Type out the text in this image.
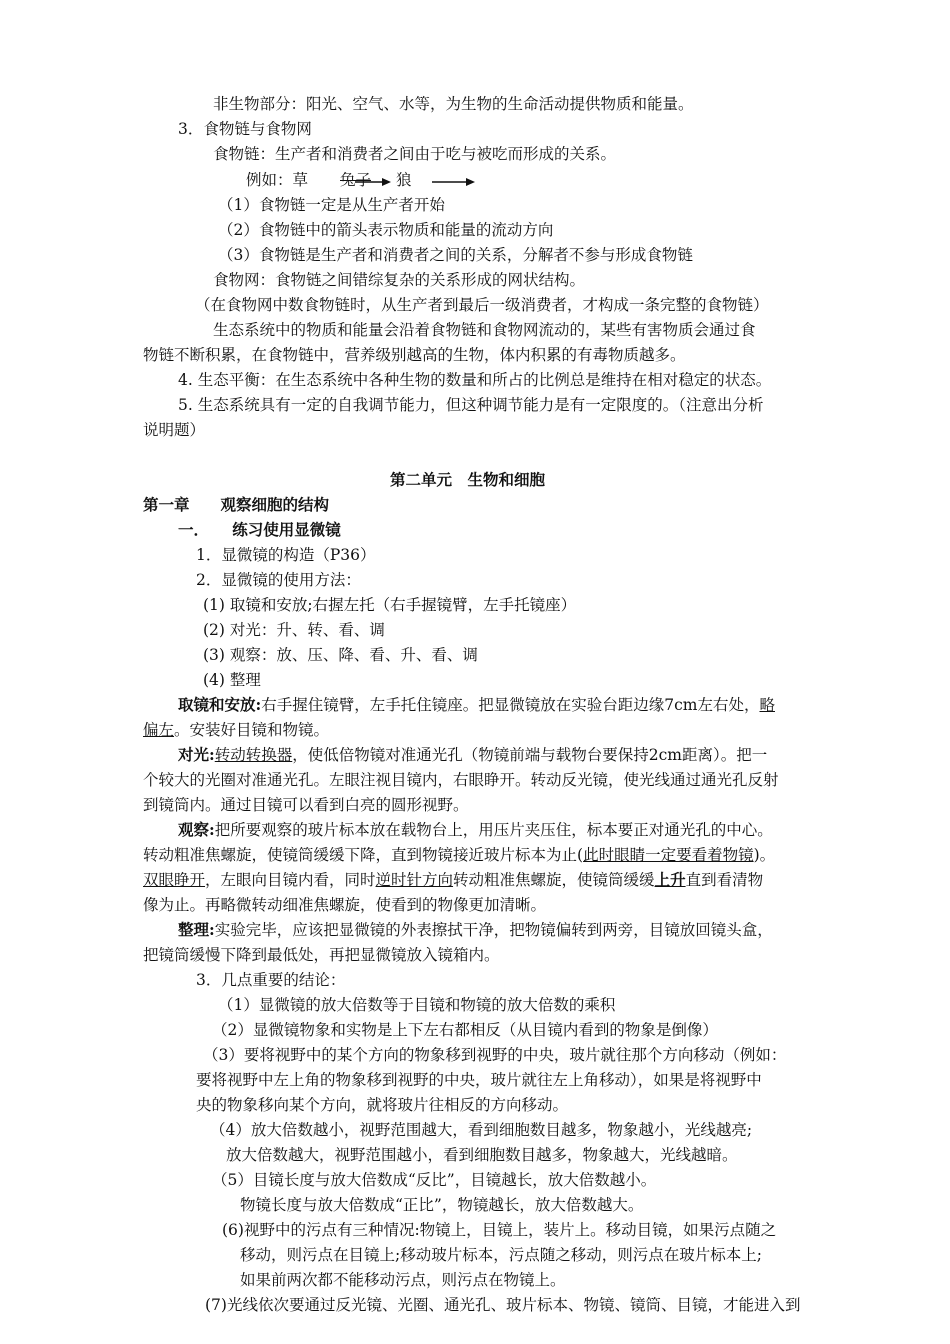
非生物部分：阳光、空气、水等，为生物的生命活动提供物质和能量。
3．食物链与食物网
食物链：生产者和消费者之间由于吃与被吃而形成的关系。
例如：草 兔子 狼
（1）食物链一定是从生产者开始
（2）食物链中的箭头表示物质和能量的流动方向
（3）食物链是生产者和消费者之间的关系，分解者不参与形成食物链
食物网：食物链之间错综复杂的关系形成的网状结构。
（在食物网中数食物链时，从生产者到最后一级消费者，才构成一条完整的食物链）
生态系统中的物质和能量会沿着食物链和食物网流动的，某些有害物质会通过食
物链不断积累，在食物链中，营养级别越高的生物，体内积累的有毒物质越多。
4. 生态平衡：在生态系统中各种生物的数量和所占的比例总是维持在相对稳定的状态。
5. 生态系统具有一定的自我调节能力，但这种调节能力是有一定限度的。（注意出分析
说明题）
第二单元　生物和细胞
第一章　　观察细胞的结构
一．　　练习使用显微镜
1．显微镜的构造（P36）
2．显微镜的使用方法：
(1) 取镜和安放;右握左托（右手握镜臂，左手托镜座）
(2) 对光：升、转、看、调
(3) 观察：放、压、降、看、升、看、调
(4) 整理
取镜和安放:右手握住镜臂，左手托住镜座。把显微镜放在实验台距边缘7cm左右处，略
偏左。安装好目镜和物镜。
对光:转动转换器，使低倍物镜对准通光孔（物镜前端与载物台要保持2cm距离）。把一
个较大的光圈对准通光孔。左眼注视目镜内，右眼睁开。转动反光镜，使光线通过通光孔反射
到镜筒内。通过目镜可以看到白亮的圆形视野。
观察:把所要观察的玻片标本放在载物台上，用压片夹压住，标本要正对通光孔的中心。
转动粗准焦螺旋，使镜筒缓缓下降，直到物镜接近玻片标本为止(此时眼睛一定要看着物镜)。
双眼睁开，左眼向目镜内看，同时逆时针方向转动粗准焦螺旋，使镜筒缓缓上升直到看清物
像为止。再略微转动细准焦螺旋，使看到的物像更加清晰。
整理:实验完毕，应该把显微镜的外表擦拭干净，把物镜偏转到两旁，目镜放回镜头盒，
把镜筒缓慢下降到最低处，再把显微镜放入镜箱内。
3．几点重要的结论：
（1）显微镜的放大倍数等于目镜和物镜的放大倍数的乘积
（2）显微镜物象和实物是上下左右都相反（从目镜内看到的物象是倒像）
（3）要将视野中的某个方向的物象移到视野的中央，玻片就往那个方向移动（例如：
要将视野中左上角的物象移到视野的中央，玻片就往左上角移动），如果是将视野中
央的物象移向某个方向，就将玻片往相反的方向移动。
（4）放大倍数越小，视野范围越大，看到细胞数目越多，物象越小，光线越亮;
放大倍数越大，视野范围越小，看到细胞数目越多，物象越大，光线越暗。
（5）目镜长度与放大倍数成“反比”，目镜越长，放大倍数越小。
物镜长度与放大倍数成“正比”，物镜越长，放大倍数越大。
(6)视野中的污点有三种情况:物镜上，目镜上，装片上。移动目镜，如果污点随之
移动，则污点在目镜上;移动玻片标本，污点随之移动，则污点在玻片标本上;
如果前两次都不能移动污点，则污点在物镜上。
(7)光线依次要通过反光镜、光圈、通光孔、玻片标本、物镜、镜筒、目镜，才能进入到
